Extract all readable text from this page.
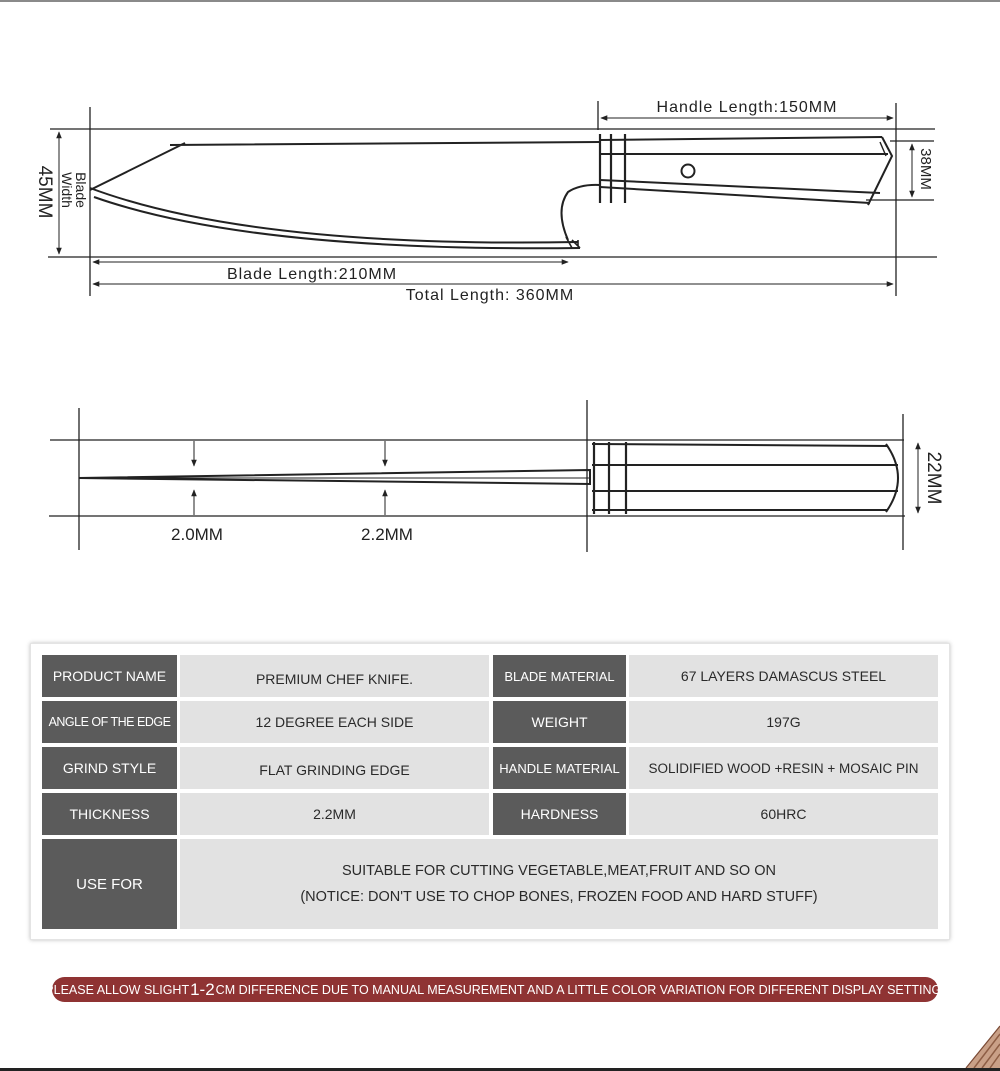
Handle Length:150MM
38MM
Blade
Width
45MM
Blade Length:210MM
Total Length: 360MM
2.0MM	2.2MM
22MM
PRODUCT NAME	PREMIUM CHEF KNIFE.	BLADE MATERIAL	67 LAYERS DAMASCUS STEEL
ANGLE OF THE EDGE	12 DEGREE EACH SIDE	WEIGHT	197G
GRIND STYLE	FLAT GRINDING EDGE	HANDLE MATERIAL	SOLIDIFIED WOOD +RESIN + MOSAIC PIN
THICKNESS	2.2MM	HARDNESS	60HRC
USE FOR
SUITABLE FOR CUTTING VEGETABLE,MEAT,FRUIT AND SO ON
(NOTICE: DON'T USE TO CHOP BONES, FROZEN FOOD AND HARD STUFF)
PLEASE ALLOW SLIGHT 1-2 CM DIFFERENCE DUE TO MANUAL MEASUREMENT AND A LITTLE COLOR VARIATION FOR DIFFERENT DISPLAY SETTING.
